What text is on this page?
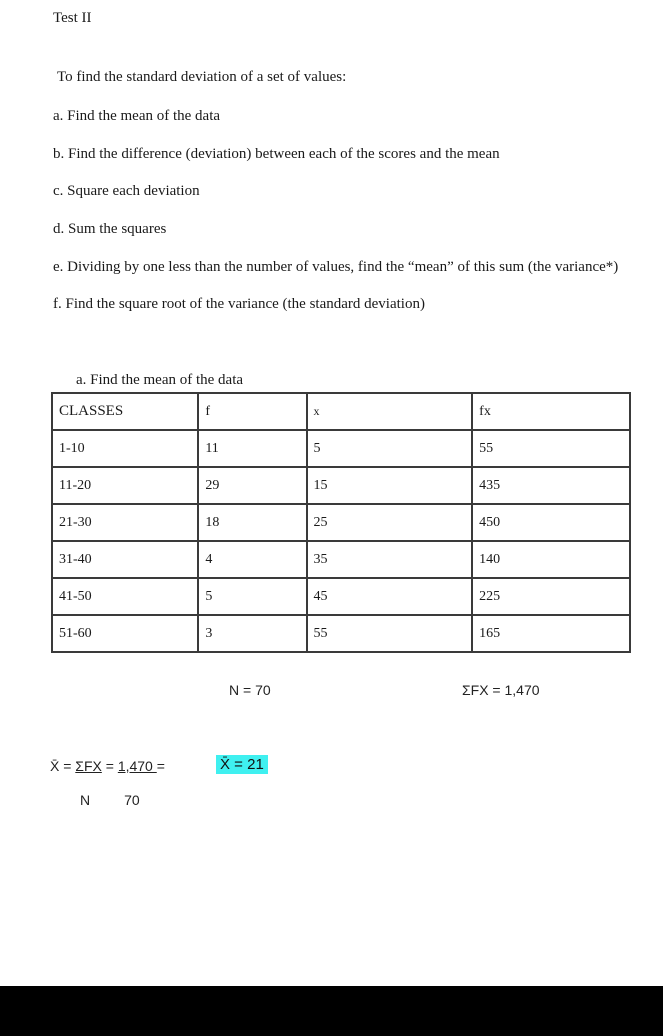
Test II
To find the standard deviation of a set of values:
a. Find the mean of the data
b. Find the difference (deviation) between each of the scores and the mean
c. Square each deviation
d. Sum the squares
e. Dividing by one less than the number of values, find the “mean” of this sum (the variance*)
f. Find the square root of the variance (the standard deviation)
a. Find the mean of the data
CLASSES	f	x	fx
1-10	11	5	55
11-20	29	15	435
21-30	18	25	450
31-40	4	35	140
41-50	5	45	225
51-60	3	55	165
N = 70	ΣFX = 1,470
X̄ = ΣFX = 1,470 =
N 70
X̄ = 21
